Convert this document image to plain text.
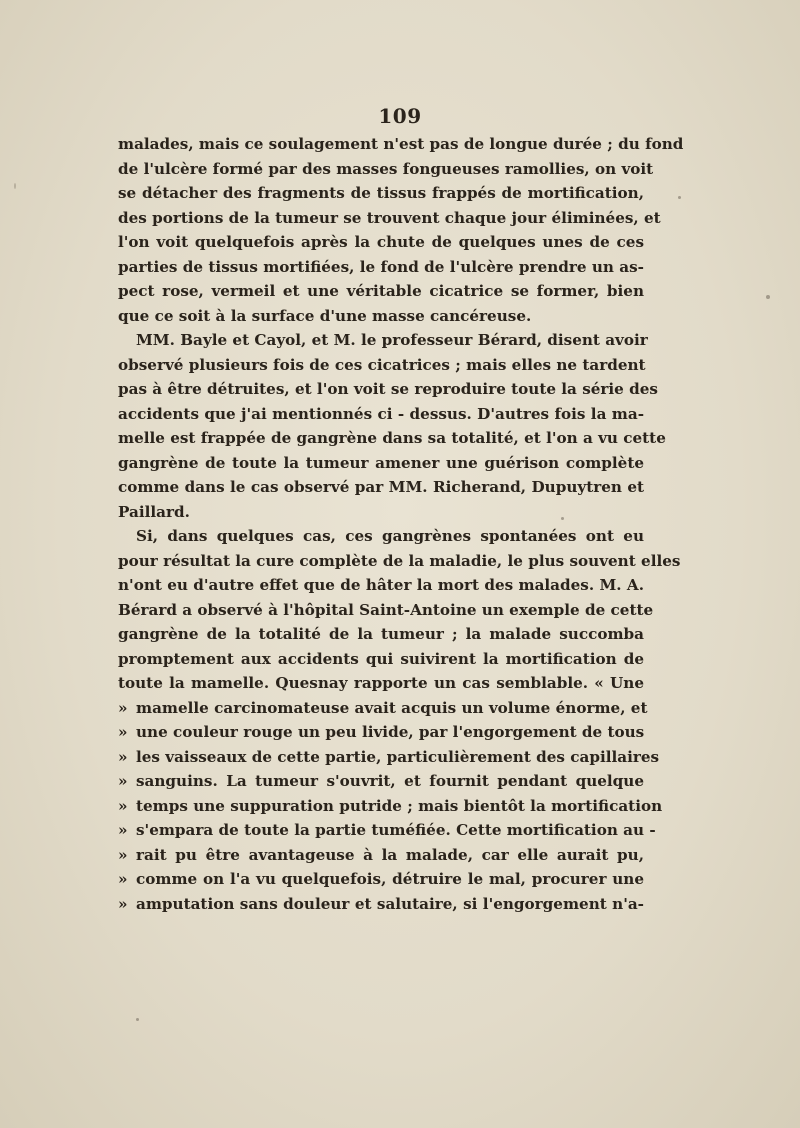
109
malades, mais ce soulagement n'est pas de longue durée ; du fond
de l'ulcère formé par des masses fongueuses ramollies, on voit
se détacher des fragments de tissus frappés de mortification,
des portions de la tumeur se trouvent chaque jour éliminées, et
l'on voit quelquefois après la chute de quelques unes de ces
parties de tissus mortifiées, le fond de l'ulcère prendre un as-
pect rose, vermeil et une véritable cicatrice se former, bien
que ce soit à la surface d'une masse cancéreuse.
MM. Bayle et Cayol, et M. le professeur Bérard, disent avoir
observé plusieurs fois de ces cicatrices ; mais elles ne tardent
pas à être détruites, et l'on voit se reproduire toute la série des
accidents que j'ai mentionnés ci - dessus. D'autres fois la ma-
melle est frappée de gangrène dans sa totalité, et l'on a vu cette
gangrène de toute la tumeur amener une guérison complète
comme dans le cas observé par MM. Richerand, Dupuytren et
Paillard.
Si, dans quelques cas, ces gangrènes spontanées ont eu
pour résultat la cure complète de la maladie, le plus souvent elles
n'ont eu d'autre effet que de hâter la mort des malades. M. A.
Bérard a observé à l'hôpital Saint-Antoine un exemple de cette
gangrène de la totalité de la tumeur ; la malade succomba
promptement aux accidents qui suivirent la mortification de
toute la mamelle. Quesnay rapporte un cas semblable. « Une
» mamelle carcinomateuse avait acquis un volume énorme, et
» une couleur rouge un peu livide, par l'engorgement de tous
» les vaisseaux de cette partie, particulièrement des capillaires
» sanguins. La tumeur s'ouvrit, et fournit pendant quelque
» temps une suppuration putride ; mais bientôt la mortification
» s'empara de toute la partie tuméfiée. Cette mortification au -
» rait pu être avantageuse à la malade, car elle aurait pu,
» comme on l'a vu quelquefois, détruire le mal, procurer une
» amputation sans douleur et salutaire, si l'engorgement n'a-
